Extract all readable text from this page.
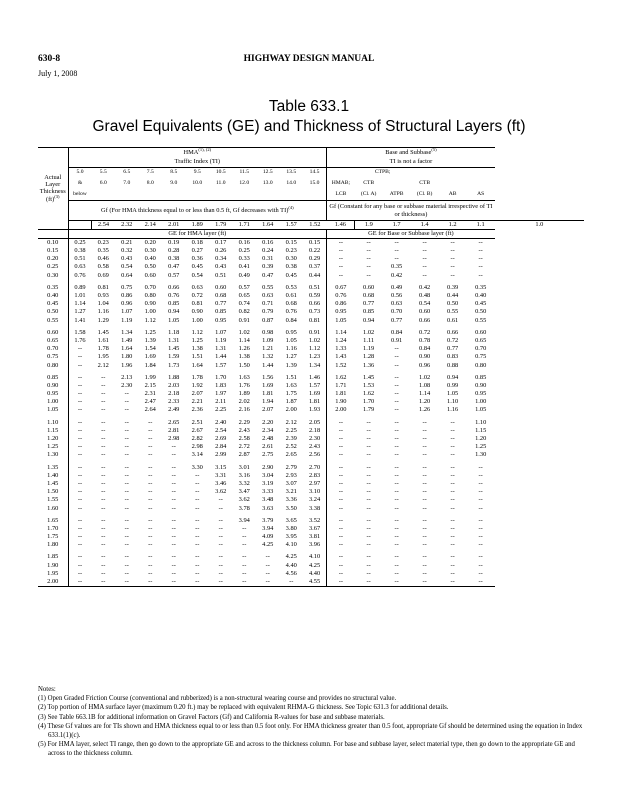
630-8	HIGHWAY DESIGN MANUAL
July 1, 2008
Table 633.1
Gravel Equivalents (GE) and Thickness of Structural Layers (ft)
Actual Layer Thickness (ft)$^{(3)}$	$HMA^{(1), (2)}$											Base and Subbase$^{(5)}$
	Traffic Index (TI)											TI is not a factor						
	5.0	5.5	6.5	7.5	8.5	9.5	10.5	11.5	12.5	13.5	14.5		CTPB;					
	&	6.0	7.0	8.0	9.0	10.0	11.0	12.0	13.0	14.0	15.0	HMAB;	CTB		CTB			
	below											LCB	(Cl. A)	ATPB	(Cl. B)	AB	AS	
	Gf (For HMA thickness equal to or less than 0.5 ft, Gf decreases with TI)$^{(4)}$											Gf (Constant for any base or subbase material irrespective of TI or thickness)						
		2.54	2.32	2.14	2.01	1.89	1.79	1.71	1.64	1.57	1.52	1.46	1.9	1.7	1.4	1.2	1.1	1.0
	GE for HMA layer (ft)											GE for Base or Subbase layer (ft)						
0.10	0.25	0.23	0.21	0.20	0.19	0.18	0.17	0.16	0.16	0.15	0.15	--	--	--	--	--	--	
0.15	0.38	0.35	0.32	0.30	0.28	0.27	0.26	0.25	0.24	0.23	0.22	--	--	--	--	--	--	
0.20	0.51	0.46	0.43	0.40	0.38	0.36	0.34	0.33	0.31	0.30	0.29	--	--	--	--	--	--	
0.25	0.63	0.58	0.54	0.50	0.47	0.45	0.43	0.41	0.39	0.38	0.37	--	--	0.35	--	--	--	
0.30	0.76	0.69	0.64	0.60	0.57	0.54	0.51	0.49	0.47	0.45	0.44	--	--	0.42	--	--	--	

0.35	0.89	0.81	0.75	0.70	0.66	0.63	0.60	0.57	0.55	0.53	0.51	0.67	0.60	0.49	0.42	0.39	0.35	
0.40	1.01	0.93	0.86	0.80	0.76	0.72	0.68	0.65	0.63	0.61	0.59	0.76	0.68	0.56	0.48	0.44	0.40	
0.45	1.14	1.04	0.96	0.90	0.85	0.81	0.77	0.74	0.71	0.68	0.66	0.86	0.77	0.63	0.54	0.50	0.45	
0.50	1.27	1.16	1.07	1.00	0.94	0.90	0.85	0.82	0.79	0.76	0.73	0.95	0.85	0.70	0.60	0.55	0.50	
0.55	1.41	1.29	1.19	1.12	1.05	1.00	0.95	0.91	0.87	0.84	0.81	1.05	0.94	0.77	0.66	0.61	0.55	

0.60	1.58	1.45	1.34	1.25	1.18	1.12	1.07	1.02	0.98	0.95	0.91	1.14	1.02	0.84	0.72	0.66	0.60	
0.65	1.76	1.61	1.49	1.39	1.31	1.25	1.19	1.14	1.09	1.05	1.02	1.24	1.11	0.91	0.78	0.72	0.65	
0.70	--	1.78	1.64	1.54	1.45	1.38	1.31	1.26	1.21	1.16	1.12	1.33	1.19	--	0.84	0.77	0.70	
0.75	--	1.95	1.80	1.69	1.59	1.51	1.44	1.38	1.32	1.27	1.23	1.43	1.28	--	0.90	0.83	0.75	
0.80	--	2.12	1.96	1.84	1.73	1.64	1.57	1.50	1.44	1.39	1.34	1.52	1.36	--	0.96	0.88	0.80	

0.85	--	--	2.13	1.99	1.88	1.78	1.70	1.63	1.56	1.51	1.46	1.62	1.45	--	1.02	0.94	0.85	
0.90	--	--	2.30	2.15	2.03	1.92	1.83	1.76	1.69	1.63	1.57	1.71	1.53	--	1.08	0.99	0.90	
0.95	--	--	--	2.31	2.18	2.07	1.97	1.89	1.81	1.75	1.69	1.81	1.62	--	1.14	1.05	0.95	
1.00	--	--	--	2.47	2.33	2.21	2.11	2.02	1.94	1.87	1.81	1.90	1.70	--	1.20	1.10	1.00	
1.05	--	--	--	2.64	2.49	2.36	2.25	2.16	2.07	2.00	1.93	2.00	1.79	--	1.26	1.16	1.05	

1.10	--	--	--	--	2.65	2.51	2.40	2.29	2.20	2.12	2.05	--	--	--	--	--	1.10	
1.15	--	--	--	--	2.81	2.67	2.54	2.43	2.34	2.25	2.18	--	--	--	--	--	1.15	
1.20	--	--	--	--	2.98	2.82	2.69	2.58	2.48	2.39	2.30	--	--	--	--	--	1.20	
1.25	--	--	--	--	--	2.98	2.84	2.72	2.61	2.52	2.43	--	--	--	--	--	1.25	
1.30	--	--	--	--	--	3.14	2.99	2.87	2.75	2.65	2.56	--	--	--	--	--	1.30	

1.35	--	--	--	--	--	3.30	3.15	3.01	2.90	2.79	2.70	--	--	--	--	--	--	
1.40	--	--	--	--	--	--	3.31	3.16	3.04	2.93	2.83	--	--	--	--	--	--	
1.45	--	--	--	--	--	--	3.46	3.32	3.19	3.07	2.97	--	--	--	--	--	--	
1.50	--	--	--	--	--	--	3.62	3.47	3.33	3.21	3.10	--	--	--	--	--	--	
1.55	--	--	--	--	--	--	--	3.62	3.48	3.36	3.24	--	--	--	--	--	--	
1.60	--	--	--	--	--	--	--	3.78	3.63	3.50	3.38	--	--	--	--	--	--	

1.65	--	--	--	--	--	--	--	3.94	3.79	3.65	3.52	--	--	--	--	--	--	
1.70	--	--	--	--	--	--	--	--	3.94	3.80	3.67	--	--	--	--	--	--	
1.75	--	--	--	--	--	--	--	--	4.09	3.95	3.81	--	--	--	--	--	--	
1.80	--	--	--	--	--	--	--	--	4.25	4.10	3.96	--	--	--	--	--	--	

1.85	--	--	--	--	--	--	--	--	--	4.25	4.10	--	--	--	--	--	--	
1.90	--	--	--	--	--	--	--	--	--	4.40	4.25	--	--	--	--	--	--	
1.95	--	--	--	--	--	--	--	--	--	4.56	4.40	--	--	--	--	--	--	
2.00	--	--	--	--	--	--	--	--	--	--	4.55	--	--	--	--	--	--	
Notes:
(1) Open Graded Friction Course (conventional and rubberized) is a non-structural wearing course and provides no structural value.
(2) Top portion of HMA surface layer (maximum 0.20 ft.) may be replaced with equivalent RHMA-G thickness. See Topic 631.3 for additional details.
(3) See Table 663.1B for additional information on Gravel Factors (Gf) and California R-values for base and subbase materials.
(4) These Gf values are for TIs shown and HMA thickness equal to or less than 0.5 foot only. For HMA thickness greater than 0.5 foot, appropriate Gf should be determined using the equation in Index 633.1(1)(c).
(5) For HMA layer, select TI range, then go down to the appropriate GE and across to the thickness column. For base and subbase layer, select material type, then go down to the appropriate GE and across to the thickness column.
